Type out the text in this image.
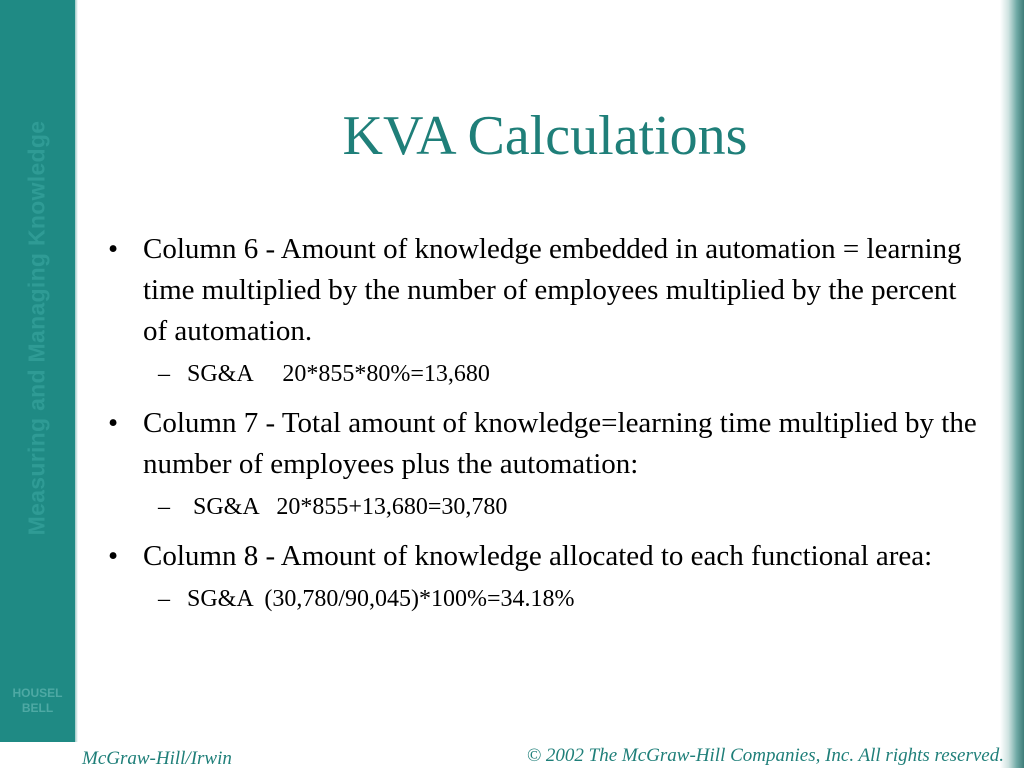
Measuring and Managing Knowledge
HOUSEL
BELL
KVA Calculations
• Column 6 - Amount of knowledge embedded in automation = learning time multiplied by the number of employees multiplied by the percent of automation.
– SG&A     20*855*80%=13,680
• Column 7 - Total amount of knowledge=learning time multiplied by the number of employees plus the automation:
– SG&A   20*855+13,680=30,780
• Column 8 - Amount of knowledge allocated to each functional area:
– SG&A  (30,780/90,045)*100%=34.18%
McGraw-Hill/Irwin	© 2002 The McGraw-Hill Companies, Inc. All rights reserved.
